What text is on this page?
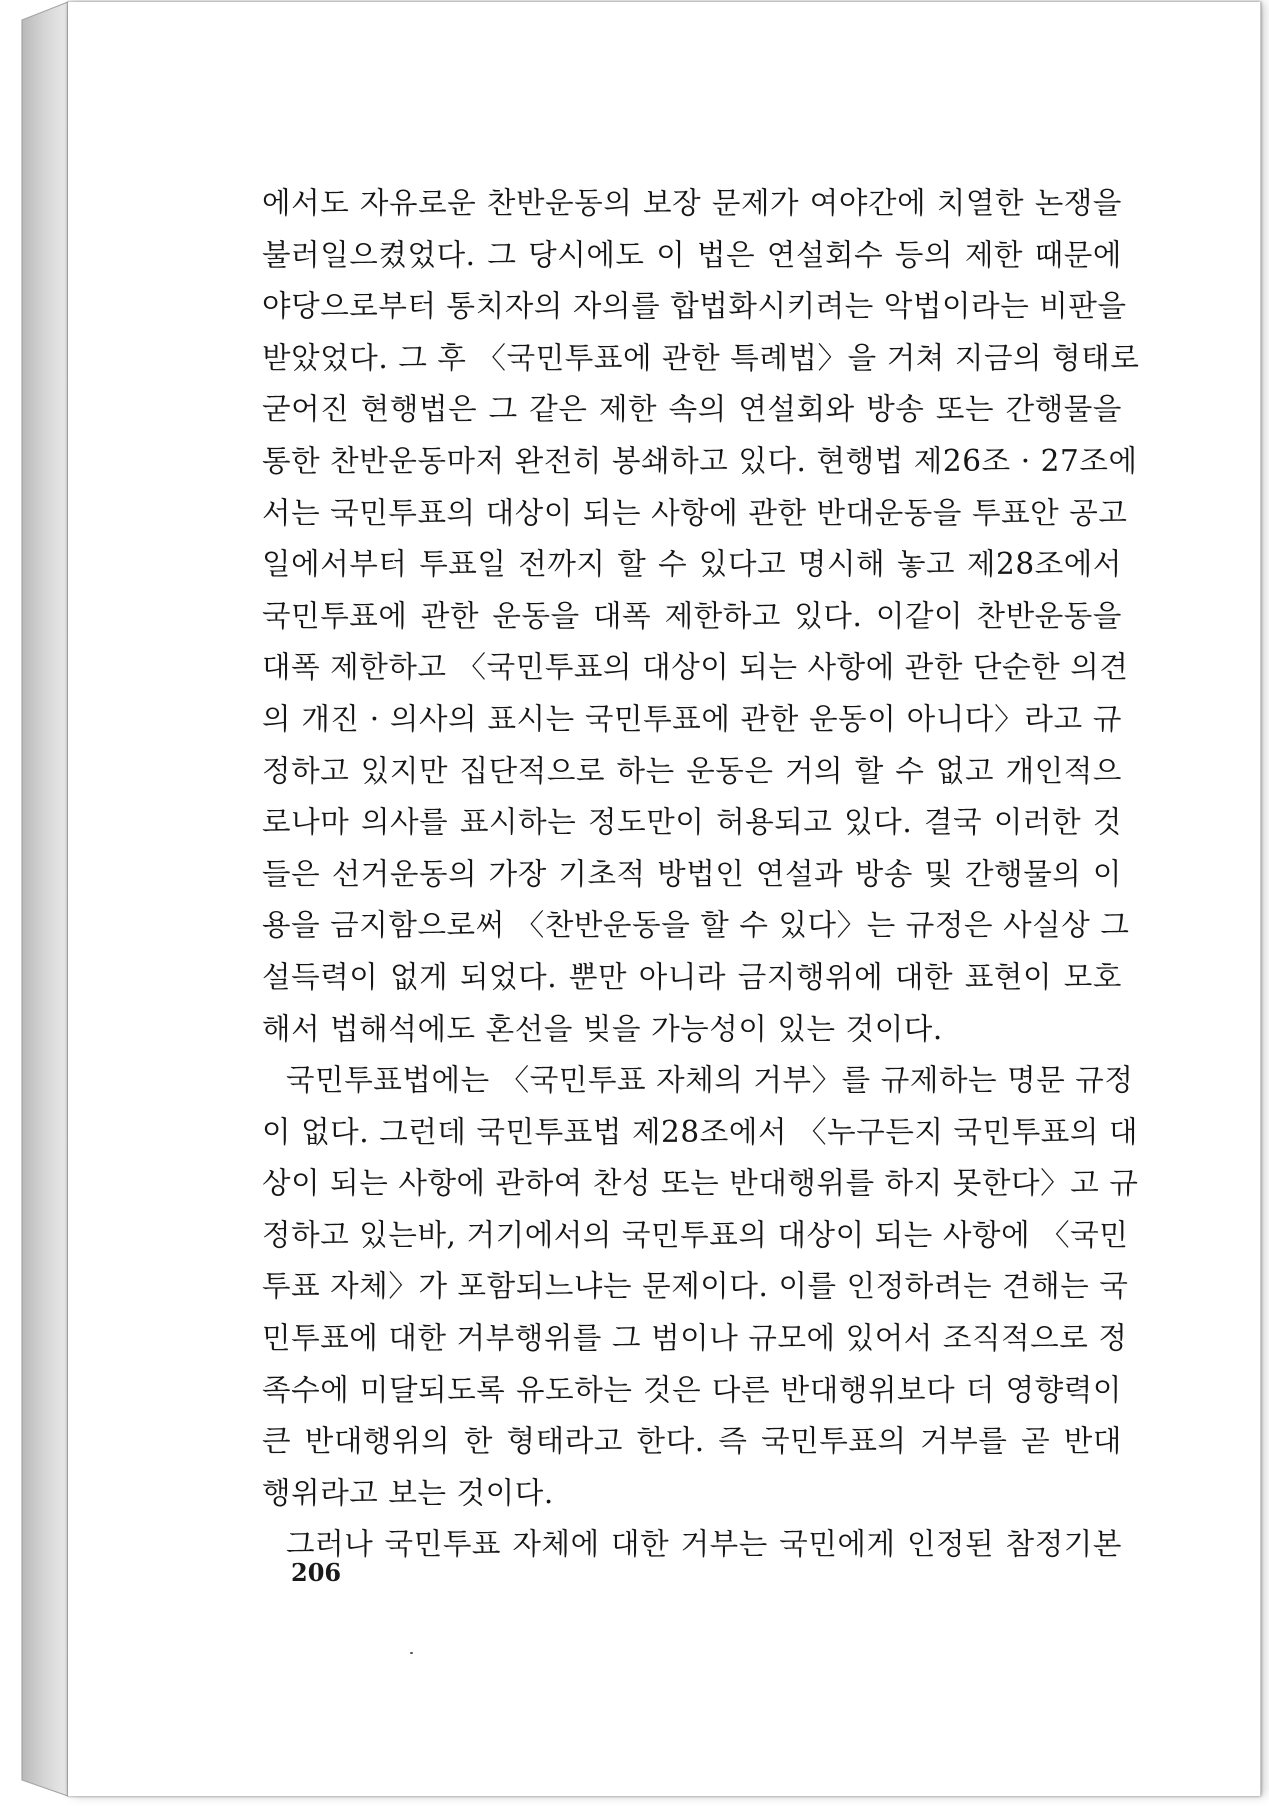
에서도 자유로운 찬반운동의 보장 문제가 여야간에 치열한 논쟁을
불러일으켰었다. 그 당시에도 이 법은 연설회수 등의 제한 때문에
야당으로부터 통치자의 자의를 합법화시키려는 악법이라는 비판을
받았었다. 그 후 〈국민투표에 관한 특례법〉을 거쳐 지금의 형태로
굳어진 현행법은 그 같은 제한 속의 연설회와 방송 또는 간행물을
통한 찬반운동마저 완전히 봉쇄하고 있다. 현행법 제26조 · 27조에
서는 국민투표의 대상이 되는 사항에 관한 반대운동을 투표안 공고
일에서부터 투표일 전까지 할 수 있다고 명시해 놓고 제28조에서
국민투표에 관한 운동을 대폭 제한하고 있다. 이같이 찬반운동을
대폭 제한하고 〈국민투표의 대상이 되는 사항에 관한 단순한 의견
의 개진 · 의사의 표시는 국민투표에 관한 운동이 아니다〉라고 규
정하고 있지만 집단적으로 하는 운동은 거의 할 수 없고 개인적으
로나마 의사를 표시하는 정도만이 허용되고 있다. 결국 이러한 것
들은 선거운동의 가장 기초적 방법인 연설과 방송 및 간행물의 이
용을 금지함으로써 〈찬반운동을 할 수 있다〉는 규정은 사실상 그
설득력이 없게 되었다. 뿐만 아니라 금지행위에 대한 표현이 모호
해서 법해석에도 혼선을 빚을 가능성이 있는 것이다.
국민투표법에는 〈국민투표 자체의 거부〉를 규제하는 명문 규정
이 없다. 그런데 국민투표법 제28조에서 〈누구든지 국민투표의 대
상이 되는 사항에 관하여 찬성 또는 반대행위를 하지 못한다〉고 규
정하고 있는바, 거기에서의 국민투표의 대상이 되는 사항에 〈국민
투표 자체〉가 포함되느냐는 문제이다. 이를 인정하려는 견해는 국
민투표에 대한 거부행위를 그 범이나 규모에 있어서 조직적으로 정
족수에 미달되도록 유도하는 것은 다른 반대행위보다 더 영향력이
큰 반대행위의 한 형태라고 한다. 즉 국민투표의 거부를 곧 반대
행위라고 보는 것이다.
그러나 국민투표 자체에 대한 거부는 국민에게 인정된 참정기본
206
